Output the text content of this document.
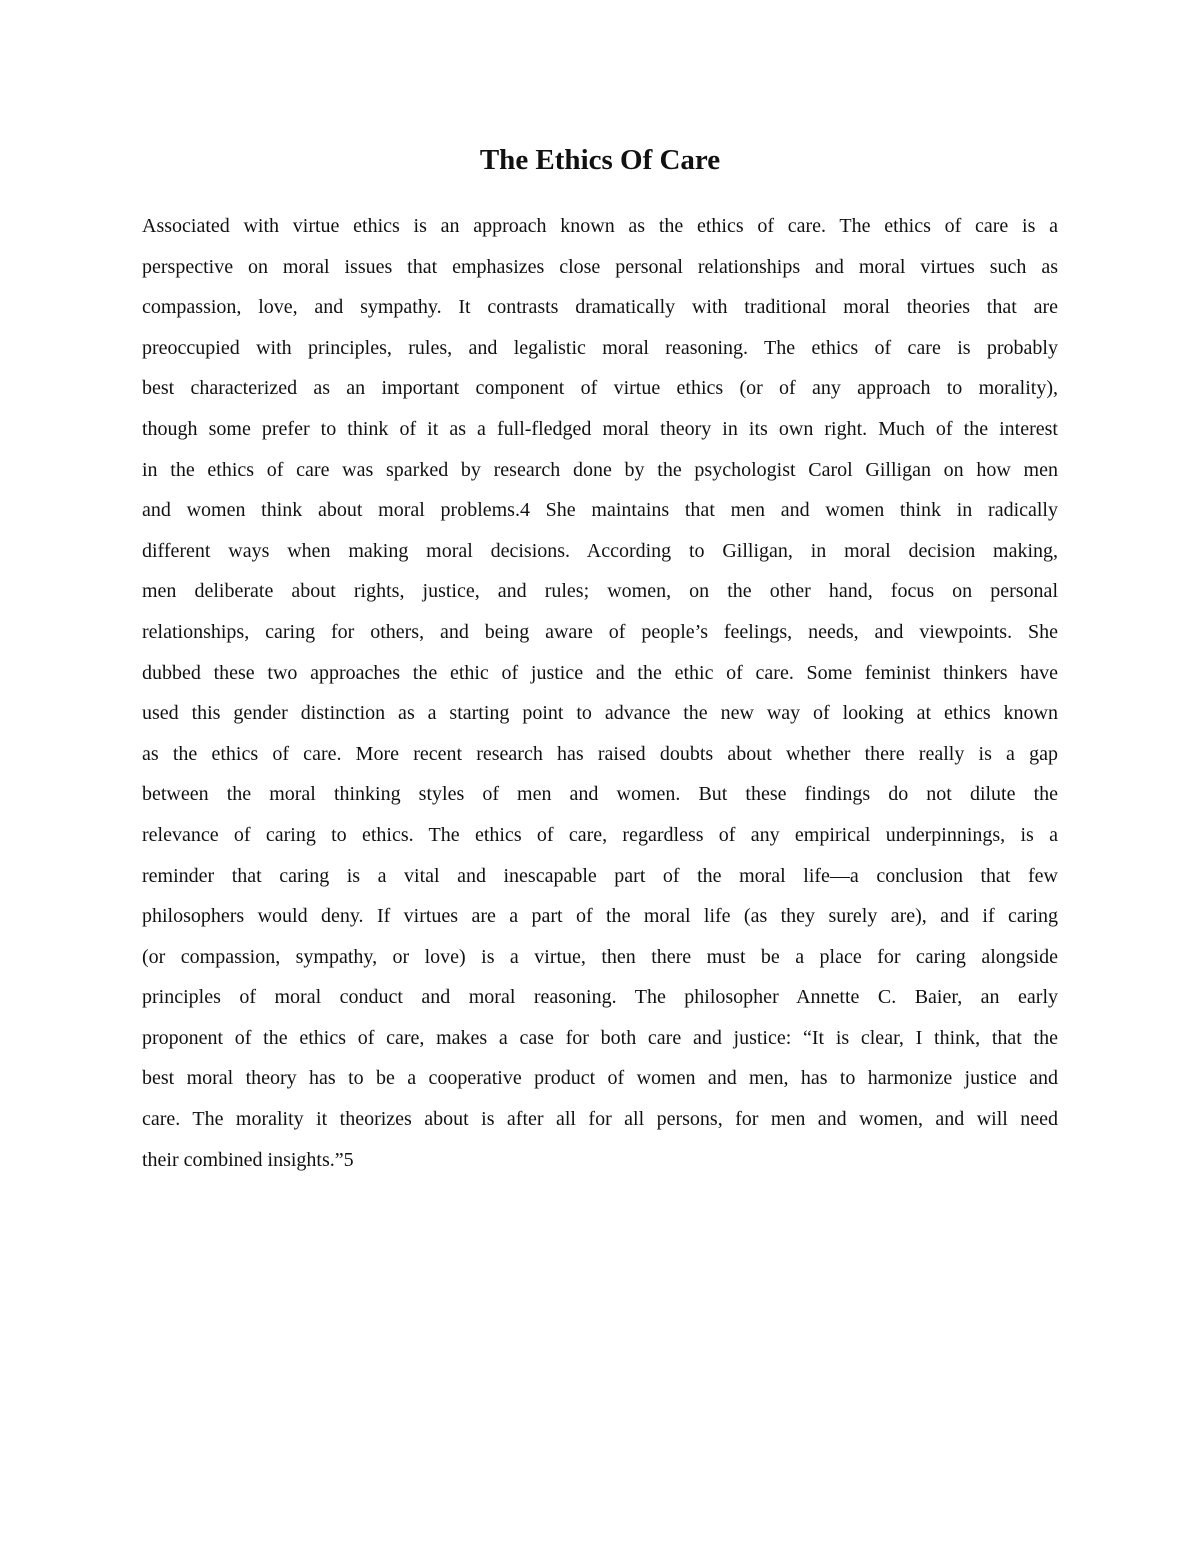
The Ethics Of Care
Associated with virtue ethics is an approach known as the ethics of care. The ethics of care is a
perspective on moral issues that emphasizes close personal relationships and moral virtues such as
compassion, love, and sympathy. It contrasts dramatically with traditional moral theories that are
preoccupied with principles, rules, and legalistic moral reasoning. The ethics of care is probably
best characterized as an important component of virtue ethics (or of any approach to morality),
though some prefer to think of it as a full-fledged moral theory in its own right. Much of the interest
in the ethics of care was sparked by research done by the psychologist Carol Gilligan on how men
and women think about moral problems.4 She maintains that men and women think in radically
different ways when making moral decisions. According to Gilligan, in moral decision making,
men deliberate about rights, justice, and rules; women, on the other hand, focus on personal
relationships, caring for others, and being aware of people’s feelings, needs, and viewpoints. She
dubbed these two approaches the ethic of justice and the ethic of care. Some feminist thinkers have
used this gender distinction as a starting point to advance the new way of looking at ethics known
as the ethics of care. More recent research has raised doubts about whether there really is a gap
between the moral thinking styles of men and women. But these findings do not dilute the
relevance of caring to ethics. The ethics of care, regardless of any empirical underpinnings, is a
reminder that caring is a vital and inescapable part of the moral life—a conclusion that few
philosophers would deny. If virtues are a part of the moral life (as they surely are), and if caring
(or compassion, sympathy, or love) is a virtue, then there must be a place for caring alongside
principles of moral conduct and moral reasoning. The philosopher Annette C. Baier, an early
proponent of the ethics of care, makes a case for both care and justice: “It is clear, I think, that the
best moral theory has to be a cooperative product of women and men, has to harmonize justice and
care. The morality it theorizes about is after all for all persons, for men and women, and will need
their combined insights.”5
